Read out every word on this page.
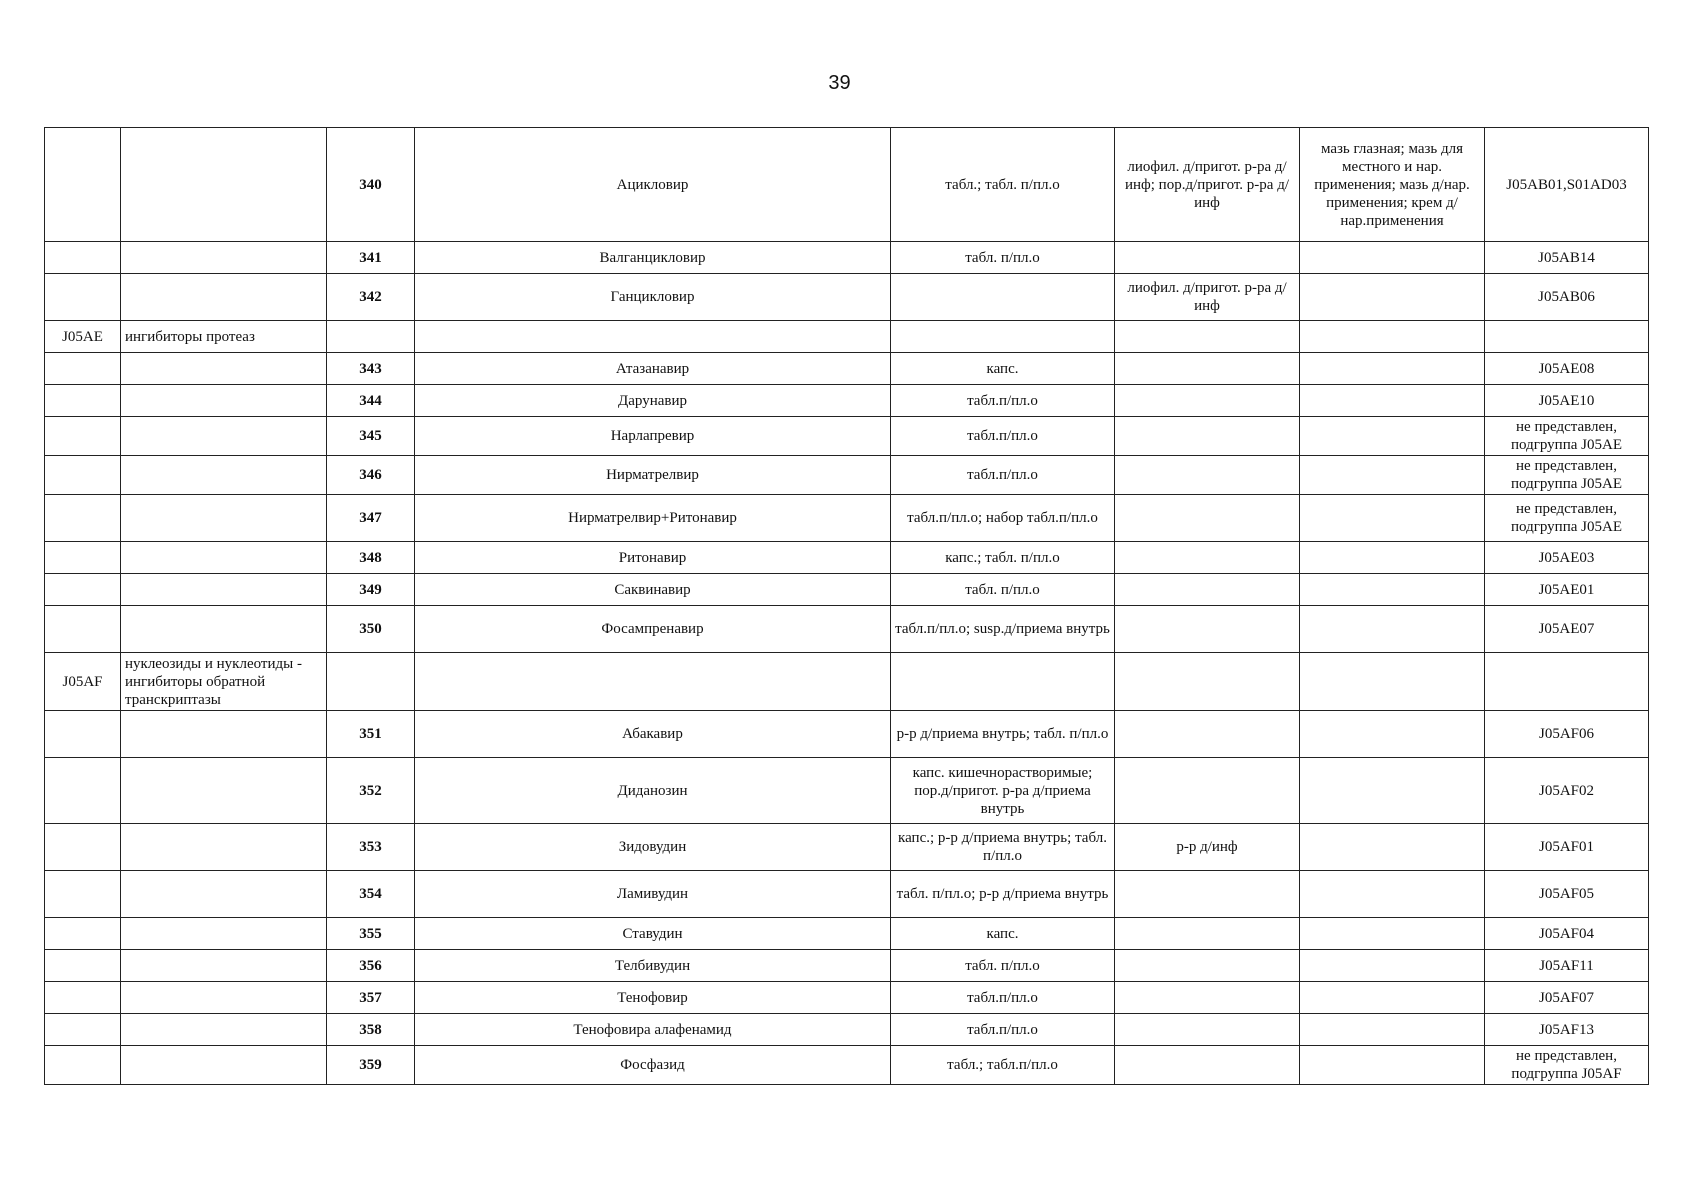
39
		340	Ацикловир	табл.; табл. п/пл.о	лиофил. д/пригот. р-ра д/инф; пор.д/пригот. р-ра д/инф	мазь глазная; мазь для местного и нар. применения; мазь д/нар. применения; крем д/нар.применения	J05AB01,S01AD03
		341	Валганцикловир	табл. п/пл.о			J05AB14
		342	Ганцикловир		лиофил. д/пригот. р-ра д/инф		J05AB06
J05AE	ингибиторы протеаз						
		343	Атазанавир	капс.			J05AE08
		344	Дарунавир	табл.п/пл.о			J05AE10
		345	Нарлапревир	табл.п/пл.о			не представлен, подгруппа J05AE
		346	Нирматрелвир	табл.п/пл.о			не представлен, подгруппа J05AE
		347	Нирматрелвир+Ритонавир	табл.п/пл.о; набор табл.п/пл.о			не представлен, подгруппа J05AE
		348	Ритонавир	капс.; табл. п/пл.о			J05AE03
		349	Саквинавир	табл. п/пл.о			J05AE01
		350	Фосампренавир	табл.п/пл.о; susp.д/приема внутрь			J05AE07
J05AF	нуклеозиды и нуклеотиды - ингибиторы обратной транскриптазы						
		351	Абакавир	р-р д/приема внутрь; табл. п/пл.о			J05AF06
		352	Диданозин	капс. кишечнорастворимые; пор.д/пригот. р-ра д/приема внутрь			J05AF02
		353	Зидовудин	капс.; р-р д/приема внутрь; табл. п/пл.о	р-р д/инф		J05AF01
		354	Ламивудин	табл. п/пл.о; р-р д/приема внутрь			J05AF05
		355	Ставудин	капс.			J05AF04
		356	Телбивудин	табл. п/пл.о			J05AF11
		357	Тенофовир	табл.п/пл.о			J05AF07
		358	Тенофовира алафенамид	табл.п/пл.о			J05AF13
		359	Фосфазид	табл.; табл.п/пл.о			не представлен, подгруппа J05AF
